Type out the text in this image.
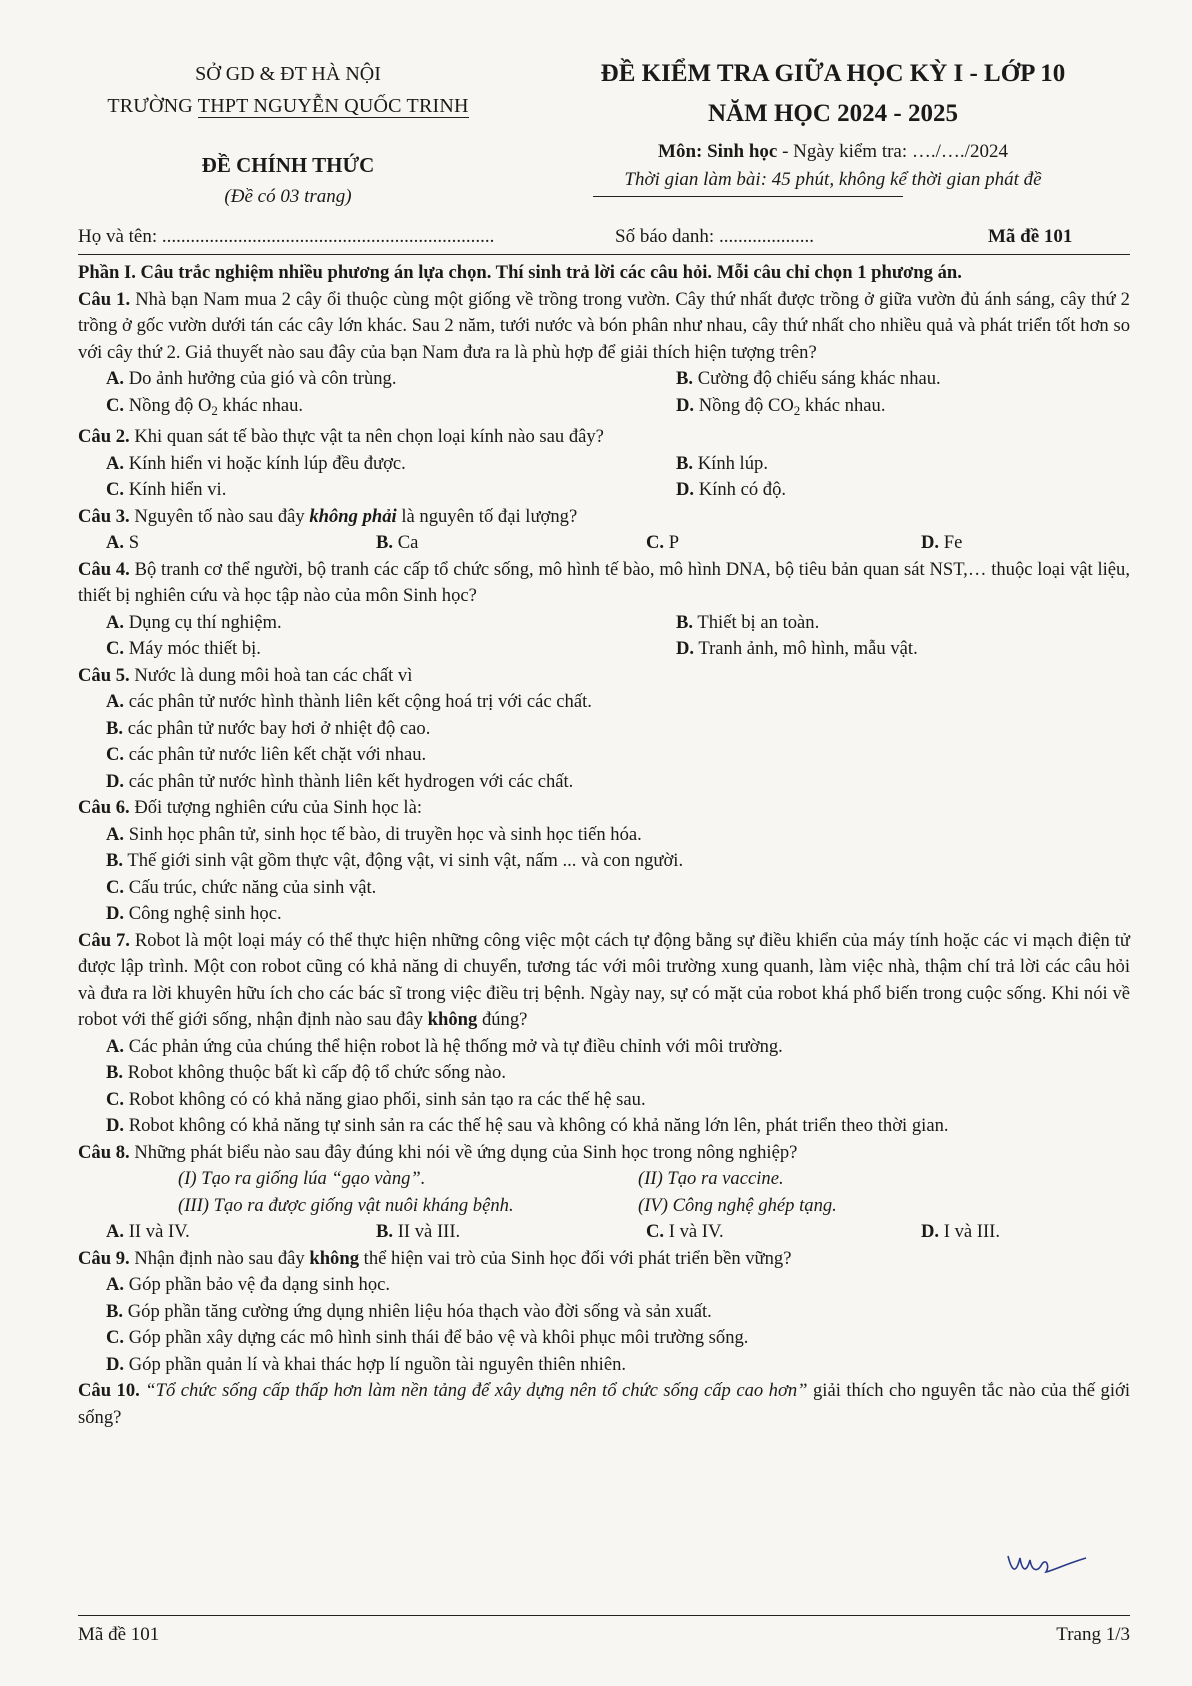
SỞ GD & ĐT HÀ NỘI
TRƯỜNG THPT NGUYỄN QUỐC TRINH
ĐỀ CHÍNH THỨC
(Đề có 03 trang)
ĐỀ KIỂM TRA GIỮA HỌC KỲ I - LỚP 10
NĂM HỌC 2024 - 2025
Môn: Sinh học - Ngày kiểm tra: …./…./2024
Thời gian làm bài: 45 phút, không kể thời gian phát đề
Họ và tên: ......................................................................	Số báo danh: ....................	Mã đề 101

Phần I. Câu trắc nghiệm nhiều phương án lựa chọn. Thí sinh trả lời các câu hỏi. Mỗi câu chỉ chọn 1 phương án.

Câu 1. Nhà bạn Nam mua 2 cây ổi thuộc cùng một giống về trồng trong vườn. Cây thứ nhất được trồng ở giữa vườn đủ ánh sáng, cây thứ 2 trồng ở gốc vườn dưới tán các cây lớn khác. Sau 2 năm, tưới nước và bón phân như nhau, cây thứ nhất cho nhiều quả và phát triển tốt hơn so với cây thứ 2. Giả thuyết nào sau đây của bạn Nam đưa ra là phù hợp để giải thích hiện tượng trên?

A. Do ảnh hưởng của gió và côn trùng.	B. Cường độ chiếu sáng khác nhau.
C. Nồng độ $O_2$ khác nhau.	D. Nồng độ $CO_2$ khác nhau.

Câu 2. Khi quan sát tế bào thực vật ta nên chọn loại kính nào sau đây?

A. Kính hiển vi hoặc kính lúp đều được.	B. Kính lúp.
C. Kính hiển vi.	D. Kính có độ.

Câu 3. Nguyên tố nào sau đây không phải là nguyên tố đại lượng?

A. S	B. Ca	C. P	D. Fe

Câu 4. Bộ tranh cơ thể người, bộ tranh các cấp tổ chức sống, mô hình tế bào, mô hình DNA, bộ tiêu bản quan sát NST,… thuộc loại vật liệu, thiết bị nghiên cứu và học tập nào của môn Sinh học?

A. Dụng cụ thí nghiệm.	B. Thiết bị an toàn.
C. Máy móc thiết bị.	D. Tranh ảnh, mô hình, mẫu vật.

Câu 5. Nước là dung môi hoà tan các chất vì

A. các phân tử nước hình thành liên kết cộng hoá trị với các chất.

B. các phân tử nước bay hơi ở nhiệt độ cao.

C. các phân tử nước liên kết chặt với nhau.

D. các phân tử nước hình thành liên kết hydrogen với các chất.

Câu 6. Đối tượng nghiên cứu của Sinh học là:

A. Sinh học phân tử, sinh học tế bào, di truyền học và sinh học tiến hóa.

B. Thế giới sinh vật gồm thực vật, động vật, vi sinh vật, nấm ... và con người.

C. Cấu trúc, chức năng của sinh vật.

D. Công nghệ sinh học.

Câu 7. Robot là một loại máy có thể thực hiện những công việc một cách tự động bằng sự điều khiển của máy tính hoặc các vi mạch điện tử được lập trình. Một con robot cũng có khả năng di chuyển, tương tác với môi trường xung quanh, làm việc nhà, thậm chí trả lời các câu hỏi và đưa ra lời khuyên hữu ích cho các bác sĩ trong việc điều trị bệnh. Ngày nay, sự có mặt của robot khá phổ biến trong cuộc sống. Khi nói về robot với thế giới sống, nhận định nào sau đây không đúng?

A. Các phản ứng của chúng thể hiện robot là hệ thống mở và tự điều chỉnh với môi trường.

B. Robot không thuộc bất kì cấp độ tổ chức sống nào.

C. Robot không có có khả năng giao phối, sinh sản tạo ra các thế hệ sau.

D. Robot không có khả năng tự sinh sản ra các thế hệ sau và không có khả năng lớn lên, phát triển theo thời gian.

Câu 8. Những phát biểu nào sau đây đúng khi nói về ứng dụng của Sinh học trong nông nghiệp?

(I) Tạo ra giống lúa “gạo vàng”.	(II) Tạo ra vaccine.
(III) Tạo ra được giống vật nuôi kháng bệnh.	(IV) Công nghệ ghép tạng.
A. II và IV.	B. II và III.	C. I và IV.	D. I và III.

Câu 9. Nhận định nào sau đây không thể hiện vai trò của Sinh học đối với phát triển bền vững?

A. Góp phần bảo vệ đa dạng sinh học.

B. Góp phần tăng cường ứng dụng nhiên liệu hóa thạch vào đời sống và sản xuất.

C. Góp phần xây dựng các mô hình sinh thái để bảo vệ và khôi phục môi trường sống.

D. Góp phần quản lí và khai thác hợp lí nguồn tài nguyên thiên nhiên.

Câu 10. “Tổ chức sống cấp thấp hơn làm nền tảng để xây dựng nên tổ chức sống cấp cao hơn” giải thích cho nguyên tắc nào của thế giới sống?

Mã đề 101	Trang 1/3
